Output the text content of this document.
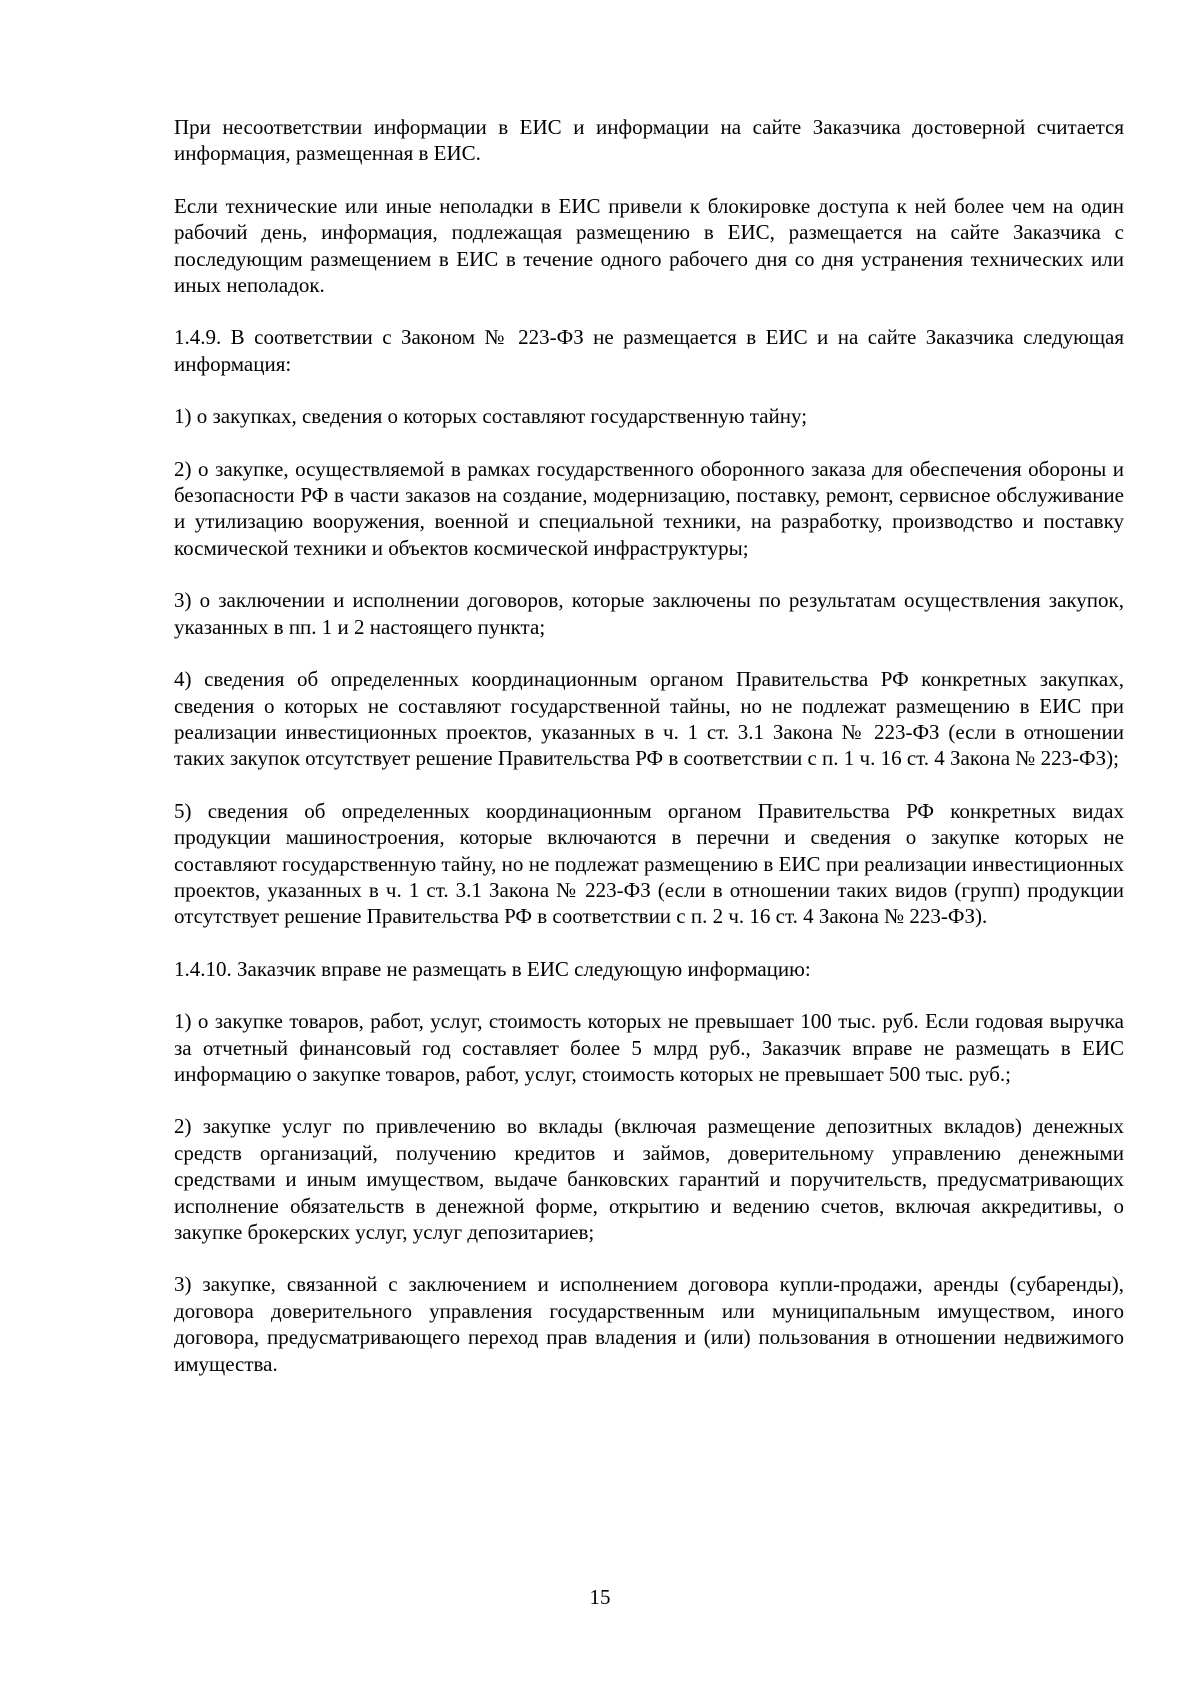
При несоответствии информации в ЕИС и информации на сайте Заказчика достоверной считается информация, размещенная в ЕИС.

Если технические или иные неполадки в ЕИС привели к блокировке доступа к ней более чем на один рабочий день, информация, подлежащая размещению в ЕИС, размещается на сайте Заказчика с последующим размещением в ЕИС в течение одного рабочего дня со дня устранения технических или иных неполадок.

1.4.9. В соответствии с Законом № 223-ФЗ не размещается в ЕИС и на сайте Заказчика следующая информация:

1) о закупках, сведения о которых составляют государственную тайну;

2) о закупке, осуществляемой в рамках государственного оборонного заказа для обеспечения обороны и безопасности РФ в части заказов на создание, модернизацию, поставку, ремонт, сервисное обслуживание и утилизацию вооружения, военной и специальной техники, на разработку, производство и поставку космической техники и объектов космической инфраструктуры;

3) о заключении и исполнении договоров, которые заключены по результатам осуществления закупок, указанных в пп. 1 и 2 настоящего пункта;

4) сведения об определенных координационным органом Правительства РФ конкретных закупках, сведения о которых не составляют государственной тайны, но не подлежат размещению в ЕИС при реализации инвестиционных проектов, указанных в ч. 1 ст. 3.1 Закона № 223-ФЗ (если в отношении таких закупок отсутствует решение Правительства РФ в соответствии с п. 1 ч. 16 ст. 4 Закона № 223-ФЗ);

5) сведения об определенных координационным органом Правительства РФ конкретных видах продукции машиностроения, которые включаются в перечни и сведения о закупке которых не составляют государственную тайну, но не подлежат размещению в ЕИС при реализации инвестиционных проектов, указанных в ч. 1 ст. 3.1 Закона № 223-ФЗ (если в отношении таких видов (групп) продукции отсутствует решение Правительства РФ в соответствии с п. 2 ч. 16 ст. 4 Закона № 223-ФЗ).

1.4.10. Заказчик вправе не размещать в ЕИС следующую информацию:

1) о закупке товаров, работ, услуг, стоимость которых не превышает 100 тыс. руб. Если годовая выручка за отчетный финансовый год составляет более 5 млрд руб., Заказчик вправе не размещать в ЕИС информацию о закупке товаров, работ, услуг, стоимость которых не превышает 500 тыс. руб.;

2) закупке услуг по привлечению во вклады (включая размещение депозитных вкладов) денежных средств организаций, получению кредитов и займов, доверительному управлению денежными средствами и иным имуществом, выдаче банковских гарантий и поручительств, предусматривающих исполнение обязательств в денежной форме, открытию и ведению счетов, включая аккредитивы, о закупке брокерских услуг, услуг депозитариев;

3) закупке, связанной с заключением и исполнением договора купли-продажи, аренды (субаренды), договора доверительного управления государственным или муниципальным имуществом, иного договора, предусматривающего переход прав владения и (или) пользования в отношении недвижимого имущества.

15
